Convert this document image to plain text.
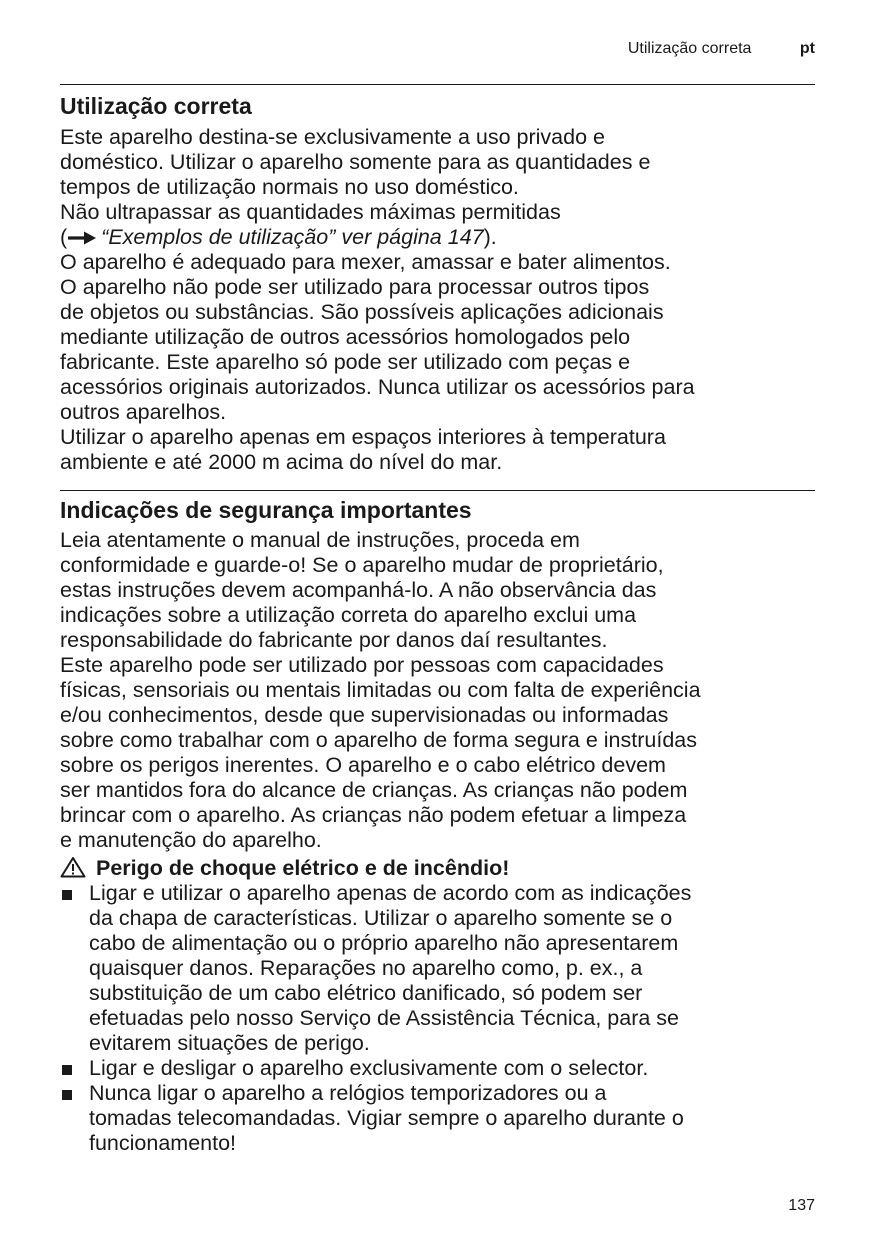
Utilização correta	pt
Utilização correta
Este aparelho destina-se exclusivamente a uso privado e
doméstico. Utilizar o aparelho somente para as quantidades e
tempos de utilização normais no uso doméstico.
Não ultrapassar as quantidades máximas permitidas
( “Exemplos de utilização” ver página 147).
O aparelho é adequado para mexer, amassar e bater alimentos.
O aparelho não pode ser utilizado para processar outros tipos
de objetos ou substâncias. São possíveis aplicações adicionais
mediante utilização de outros acessórios homologados pelo
fabricante. Este aparelho só pode ser utilizado com peças e
acessórios originais autorizados. Nunca utilizar os acessórios para
outros aparelhos.
Utilizar o aparelho apenas em espaços interiores à temperatura
ambiente e até 2000 m acima do nível do mar.
Indicações de segurança importantes
Leia atentamente o manual de instruções, proceda em
conformidade e guarde-o! Se o aparelho mudar de proprietário,
estas instruções devem acompanhá-lo. A não observância das
indicações sobre a utilização correta do aparelho exclui uma
responsabilidade do fabricante por danos daí resultantes.
Este aparelho pode ser utilizado por pessoas com capacidades
físicas, sensoriais ou mentais limitadas ou com falta de experiência
e/ou conhecimentos, desde que supervisionadas ou informadas
sobre como trabalhar com o aparelho de forma segura e instruídas
sobre os perigos inerentes. O aparelho e o cabo elétrico devem
ser mantidos fora do alcance de crianças. As crianças não podem
brincar com o aparelho. As crianças não podem efetuar a limpeza
e manutenção do aparelho.
Perigo de choque elétrico e de incêndio!
Ligar e utilizar o aparelho apenas de acordo com as indicações
da chapa de características. Utilizar o aparelho somente se o
cabo de alimentação ou o próprio aparelho não apresentarem
quaisquer danos. Reparações no aparelho como, p. ex., a
substituição de um cabo elétrico danificado, só podem ser
efetuadas pelo nosso Serviço de Assistência Técnica, para se
evitarem situações de perigo.
Ligar e desligar o aparelho exclusivamente com o selector.
Nunca ligar o aparelho a relógios temporizadores ou a
tomadas telecomandadas. Vigiar sempre o aparelho durante o
funcionamento!
137
